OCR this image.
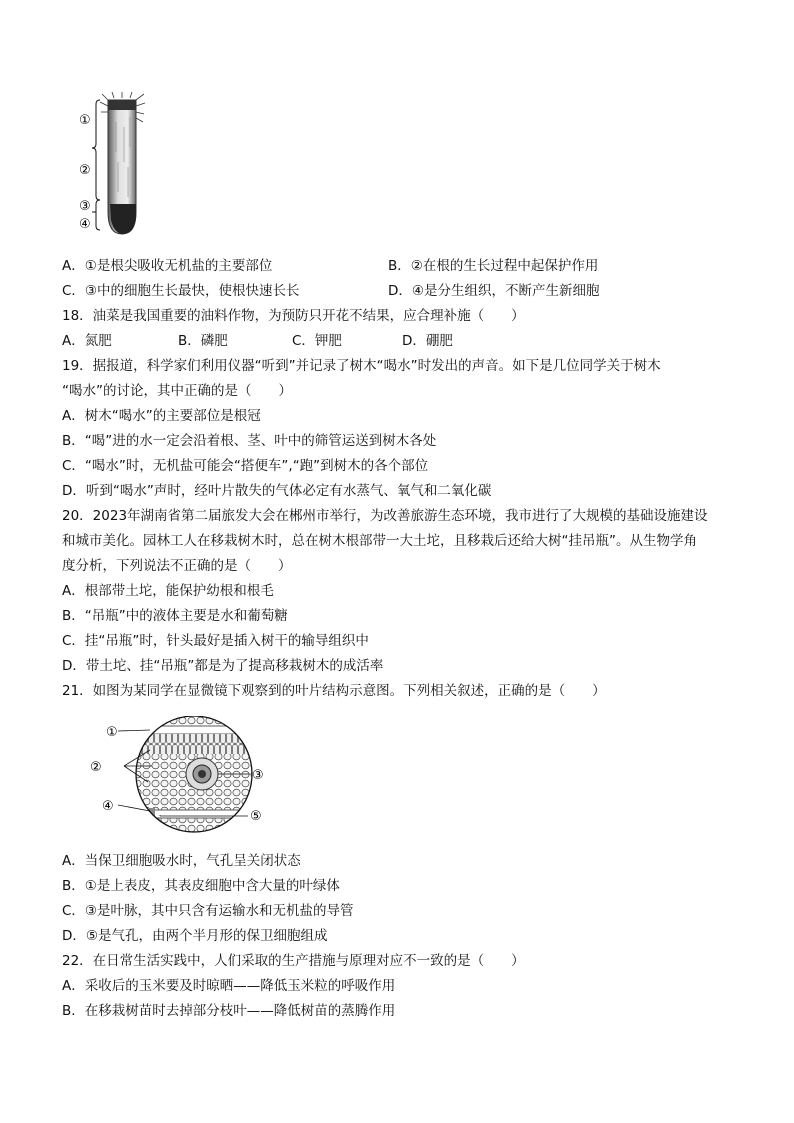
①
②
③
④
A．①是根尖吸收无机盐的主要部位	B．②在根的生长过程中起保护作用
C．③中的细胞生长最快，使根快速长长	D．④是分生组织，不断产生新细胞
18．油菜是我国重要的油料作物，为预防只开花不结果，应合理补施（　　）
A．氮肥	B．磷肥	C．钾肥	D．硼肥
19．据报道，科学家们利用仪器“听到”并记录了树木“喝水”时发出的声音。如下是几位同学关于树木
“喝水”的讨论，其中正确的是（　　）
A．树木“喝水”的主要部位是根冠
B．“喝”进的水一定会沿着根、茎、叶中的筛管运送到树木各处
C．“喝水”时，无机盐可能会“搭便车”,“跑”到树木的各个部位
D．听到“喝水”声时，经叶片散失的气体必定有水蒸气、氧气和二氧化碳
20．2023年湖南省第二届旅发大会在郴州市举行，为改善旅游生态环境，我市进行了大规模的基础设施建设
和城市美化。园林工人在移栽树木时，总在树木根部带一大土坨，且移栽后还给大树“挂吊瓶”。从生物学角
度分析，下列说法不正确的是（　　）
A．根部带土坨，能保护幼根和根毛
B．“吊瓶”中的液体主要是水和葡萄糖
C．挂“吊瓶”时，针头最好是插入树干的输导组织中
D．带土坨、挂“吊瓶”都是为了提高移栽树木的成活率
21．如图为某同学在显微镜下观察到的叶片结构示意图。下列相关叙述，正确的是（　　）
①
②
③
④
⑤
A．当保卫细胞吸水时，气孔呈关闭状态
B．①是上表皮，其表皮细胞中含大量的叶绿体
C．③是叶脉，其中只含有运输水和无机盐的导管
D．⑤是气孔，由两个半月形的保卫细胞组成
22．在日常生活实践中，人们采取的生产措施与原理对应不一致的是（　　）
A．采收后的玉米要及时晾晒——降低玉米粒的呼吸作用
B．在移栽树苗时去掉部分枝叶——降低树苗的蒸腾作用
